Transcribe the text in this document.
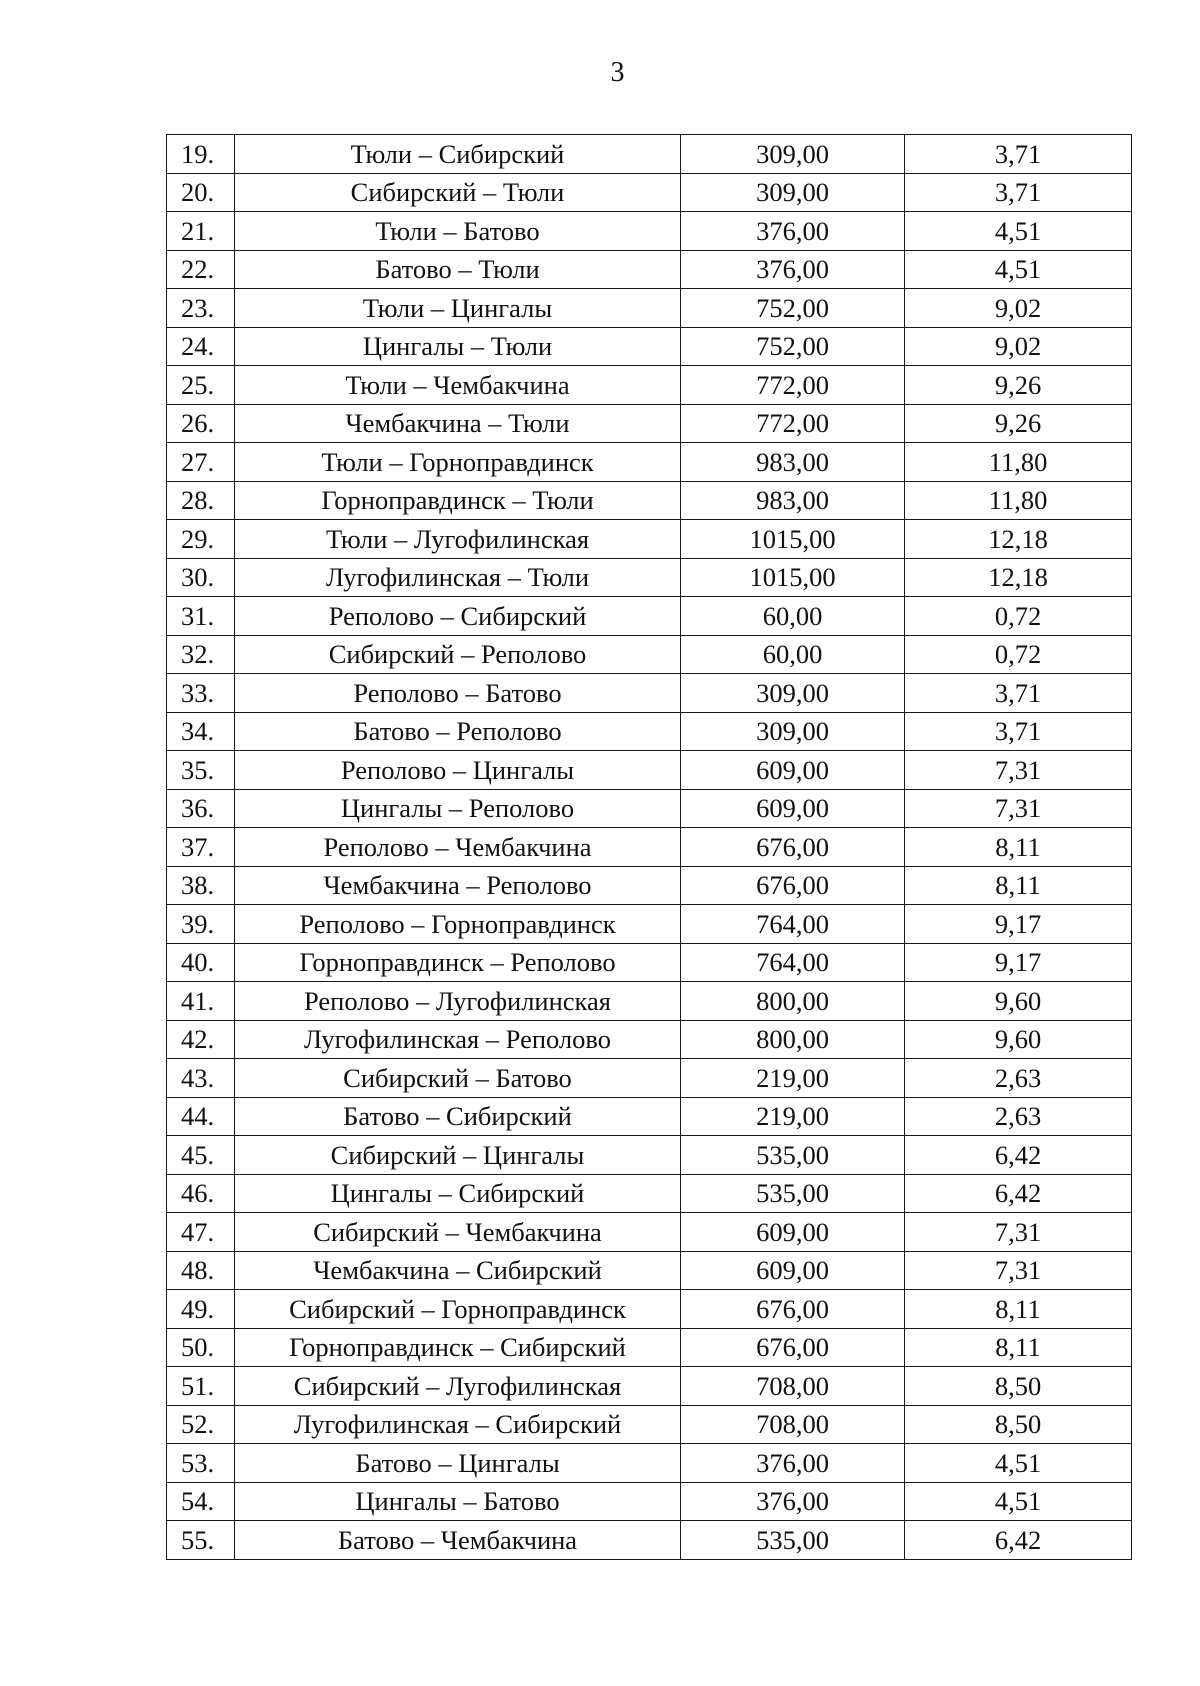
3
19.	Тюли – Сибирский	309,00	3,71
20.	Сибирский – Тюли	309,00	3,71
21.	Тюли – Батово	376,00	4,51
22.	Батово – Тюли	376,00	4,51
23.	Тюли – Цингалы	752,00	9,02
24.	Цингалы – Тюли	752,00	9,02
25.	Тюли – Чембакчина	772,00	9,26
26.	Чембакчина – Тюли	772,00	9,26
27.	Тюли – Горноправдинск	983,00	11,80
28.	Горноправдинск – Тюли	983,00	11,80
29.	Тюли – Лугофилинская	1015,00	12,18
30.	Лугофилинская – Тюли	1015,00	12,18
31.	Реполово – Сибирский	60,00	0,72
32.	Сибирский – Реполово	60,00	0,72
33.	Реполово – Батово	309,00	3,71
34.	Батово – Реполово	309,00	3,71
35.	Реполово – Цингалы	609,00	7,31
36.	Цингалы – Реполово	609,00	7,31
37.	Реполово – Чембакчина	676,00	8,11
38.	Чембакчина – Реполово	676,00	8,11
39.	Реполово – Горноправдинск	764,00	9,17
40.	Горноправдинск – Реполово	764,00	9,17
41.	Реполово – Лугофилинская	800,00	9,60
42.	Лугофилинская – Реполово	800,00	9,60
43.	Сибирский – Батово	219,00	2,63
44.	Батово – Сибирский	219,00	2,63
45.	Сибирский – Цингалы	535,00	6,42
46.	Цингалы – Сибирский	535,00	6,42
47.	Сибирский – Чембакчина	609,00	7,31
48.	Чембакчина – Сибирский	609,00	7,31
49.	Сибирский – Горноправдинск	676,00	8,11
50.	Горноправдинск – Сибирский	676,00	8,11
51.	Сибирский – Лугофилинская	708,00	8,50
52.	Лугофилинская – Сибирский	708,00	8,50
53.	Батово – Цингалы	376,00	4,51
54.	Цингалы – Батово	376,00	4,51
55.	Батово – Чембакчина	535,00	6,42
